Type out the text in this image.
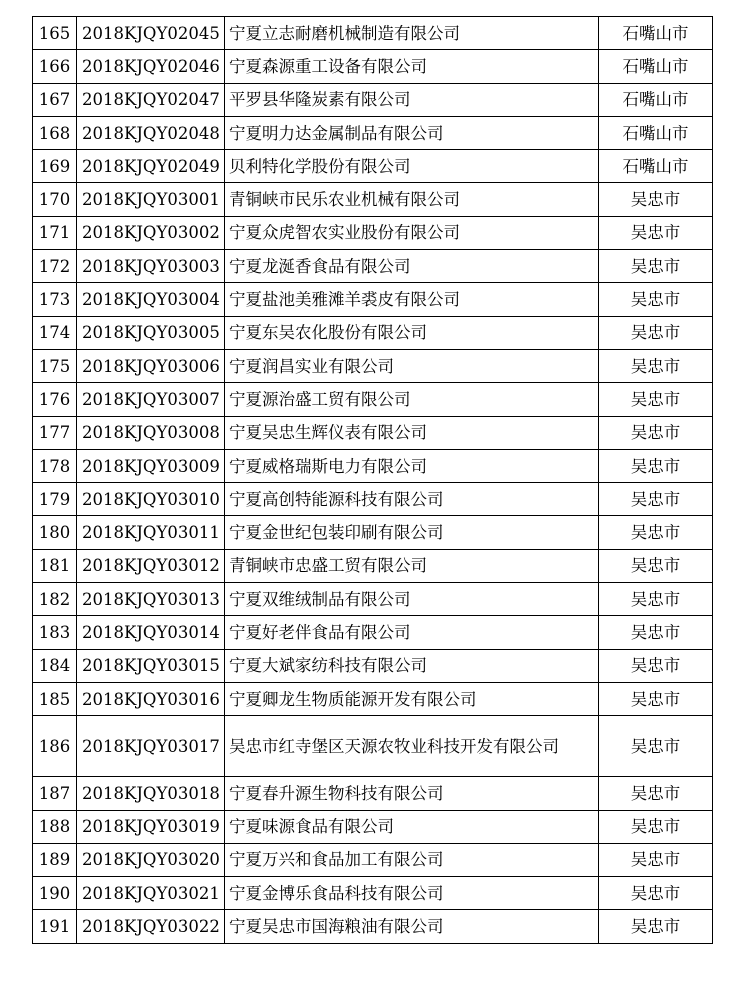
165	2018KJQY02045	宁夏立志耐磨机械制造有限公司	石嘴山市
166	2018KJQY02046	宁夏森源重工设备有限公司	石嘴山市
167	2018KJQY02047	平罗县华隆炭素有限公司	石嘴山市
168	2018KJQY02048	宁夏明力达金属制品有限公司	石嘴山市
169	2018KJQY02049	贝利特化学股份有限公司	石嘴山市
170	2018KJQY03001	青铜峡市民乐农业机械有限公司	吴忠市
171	2018KJQY03002	宁夏众虎智农实业股份有限公司	吴忠市
172	2018KJQY03003	宁夏龙涎香食品有限公司	吴忠市
173	2018KJQY03004	宁夏盐池美雅滩羊裘皮有限公司	吴忠市
174	2018KJQY03005	宁夏东吴农化股份有限公司	吴忠市
175	2018KJQY03006	宁夏润昌实业有限公司	吴忠市
176	2018KJQY03007	宁夏源治盛工贸有限公司	吴忠市
177	2018KJQY03008	宁夏吴忠生辉仪表有限公司	吴忠市
178	2018KJQY03009	宁夏威格瑞斯电力有限公司	吴忠市
179	2018KJQY03010	宁夏高创特能源科技有限公司	吴忠市
180	2018KJQY03011	宁夏金世纪包装印刷有限公司	吴忠市
181	2018KJQY03012	青铜峡市忠盛工贸有限公司	吴忠市
182	2018KJQY03013	宁夏双维绒制品有限公司	吴忠市
183	2018KJQY03014	宁夏好老伴食品有限公司	吴忠市
184	2018KJQY03015	宁夏大斌家纺科技有限公司	吴忠市
185	2018KJQY03016	宁夏卿龙生物质能源开发有限公司	吴忠市
186	2018KJQY03017	吴忠市红寺堡区天源农牧业科技开发有限公司	吴忠市
187	2018KJQY03018	宁夏春升源生物科技有限公司	吴忠市
188	2018KJQY03019	宁夏味源食品有限公司	吴忠市
189	2018KJQY03020	宁夏万兴和食品加工有限公司	吴忠市
190	2018KJQY03021	宁夏金博乐食品科技有限公司	吴忠市
191	2018KJQY03022	宁夏吴忠市国海粮油有限公司	吴忠市
